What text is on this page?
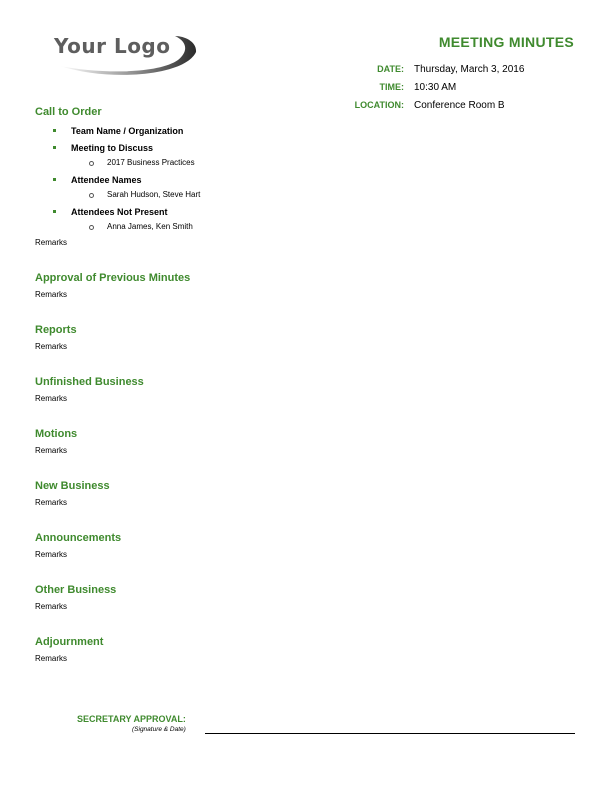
Your Logo	MEETING MINUTES
DATE:	Thursday, March 3, 2016
TIME:	10:30 AM
LOCATION:	Conference Room B
Call to Order
Team Name / Organization
Meeting to Discuss
2017 Business Practices
Attendee Names
Sarah Hudson, Steve Hart
Attendees Not Present
Anna James, Ken Smith
Remarks
Approval of Previous Minutes
Remarks
Reports
Remarks
Unfinished Business
Remarks
Motions
Remarks
New Business
Remarks
Announcements
Remarks
Other Business
Remarks
Adjournment
Remarks
SECRETARY APPROVAL:
(Signature & Date)
